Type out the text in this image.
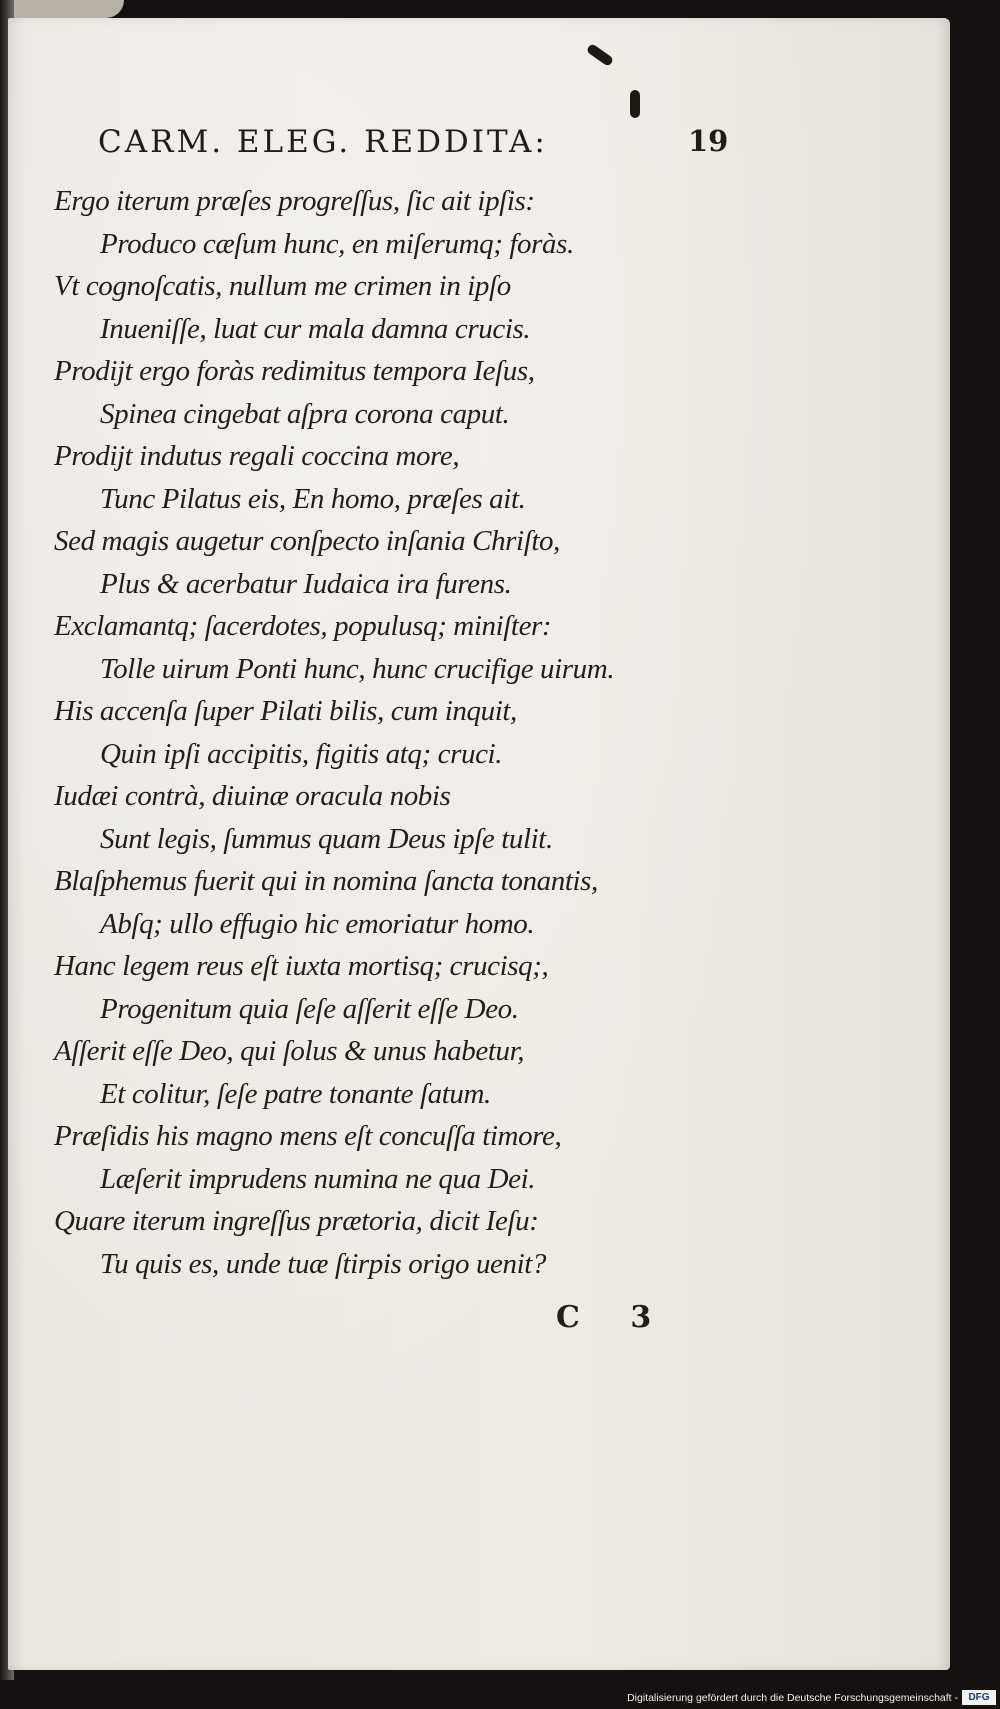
CARM. ELEG. REDDITA:	19
Ergo iterum præſes progreſſus, ſic ait ipſis:
Produco cæſum hunc, en miſerumq; foràs.
Vt cognoſcatis, nullum me crimen in ipſo
Inueniſſe, luat cur mala damna crucis.
Prodijt ergo foràs redimitus tempora Ieſus,
Spinea cingebat aſpra corona caput.
Prodijt indutus regali coccina more,
Tunc Pilatus eis, En homo, præſes ait.
Sed magis augetur conſpecto inſania Chriſto,
Plus & acerbatur Iudaica ira furens.
Exclamantq; ſacerdotes, populusq; miniſter:
Tolle uirum Ponti hunc, hunc crucifige uirum.
His accenſa ſuper Pilati bilis, cum inquit,
Quin ipſi accipitis, figitis atq; cruci.
Iudæi contrà, diuinæ oracula nobis
Sunt legis, ſummus quam Deus ipſe tulit.
Blaſphemus fuerit qui in nomina ſancta tonantis,
Abſq; ullo effugio hic emoriatur homo.
Hanc legem reus eſt iuxta mortisq; crucisq;,
Progenitum quia ſeſe aſſerit eſſe Deo.
Aſſerit eſſe Deo, qui ſolus & unus habetur,
Et colitur, ſeſe patre tonante ſatum.
Præſidis his magno mens eſt concuſſa timore,
Læſerit imprudens numina ne qua Dei.
Quare iterum ingreſſus prætoria, dicit Ieſu:
Tu quis es, unde tuæ ſtirpis origo uenit?
C 3
Digitalisierung gefördert durch die Deutsche Forschungsgemeinschaft -	DFG
